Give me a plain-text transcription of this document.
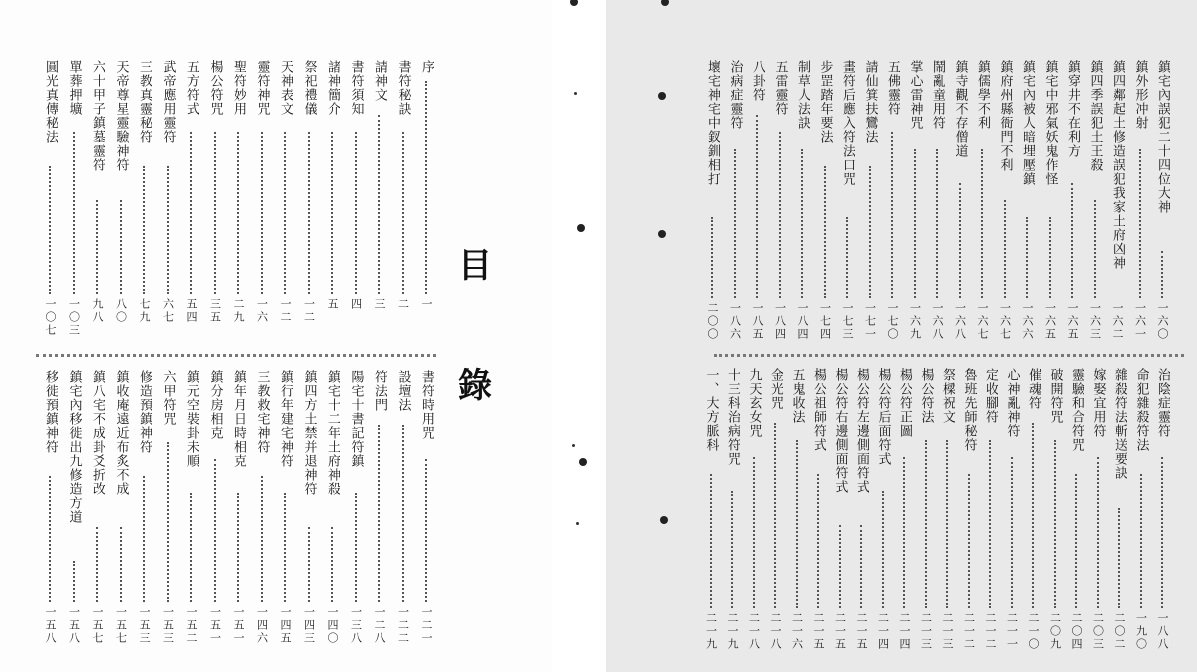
序
一
書符秘訣
二
請神文
三
書符須知
四
諸神簡介
五
祭祀禮儀
一二
天神表文
一二
靈符神咒
一六
聖符妙用
二九
楊公符咒
三五
五方符式
五四
武帝應用靈符
六七
三教真靈秘符
七九
天帝尊星靈驗神符
八〇
六十甲子鎮墓靈符
九八
單葬押壙
一〇三
圓光真傳秘法
一〇七
書符時用咒
一二一
設壇法
一二二
符法門
一二八
陽宅十書記符鎮
一三八
鎮宅十二年土府神殺
一四〇
鎮四方土禁并退神符
一四三
鎮行年建宅神符
一四五
三教救宅神符
一四六
鎮年月日時相克
一五一
鎮分房相克
一五一
鎮元空裝卦未順
一五二
六甲符咒
一五三
修造預鎮神符
一五三
鎮收庵遠近布炙不成
一五七
鎮八宅不成卦爻折改
一五七
鎮宅內移徙出九修造方道
一五八
移徙預鎮神符
一五八
目
錄
鎮宅內誤犯二十四位大神
一六〇
鎮外形冲射
一六一
鎮四鄰起土修造誤犯我家土府凶神
一六二
鎮四季誤犯土王殺
一六三
鎮穿井不在利方
一六五
鎮宅中邪氣妖鬼作怪
一六五
鎮宅內被人暗埋壓鎮
一六六
鎮府州縣衙門不利
一六七
鎮儒學不利
一六七
鎮寺觀不存僧道
一六八
鬧亂童用符
一六八
掌心雷神咒
一六九
五佛靈符
一七〇
請仙箕扶鸞法
一七一
畫符后應入符法口咒
一七三
步罡踏年要法
一七四
制草人法訣
一八四
五雷靈符
一八四
八卦符
一八五
治病症靈符
一八六
壞宅神宅中釵釧相打
二〇〇
治陰症靈符
一八八
命犯雜殺符法
一九〇
雜殺符法斬送要訣
二〇二
嫁娶宜用符
二〇三
靈驗和合符咒
二〇四
破開符咒
二〇九
催魂符
二一〇
心神亂神符
二一一
定收腳符
二一二
魯班先師秘符
二一二
祭樑祝文
二一三
楊公符法
二一三
楊公符正圖
二一四
楊公符后面符式
二一四
楊公符左邊側面符式
二一五
楊公符右邊側面符式
二一五
楊公祖師符式
二一五
五鬼收法
二一六
金光咒
二一八
九天玄女咒
二一八
十三科治病符咒
二一九
一、大方脈科
二一九
